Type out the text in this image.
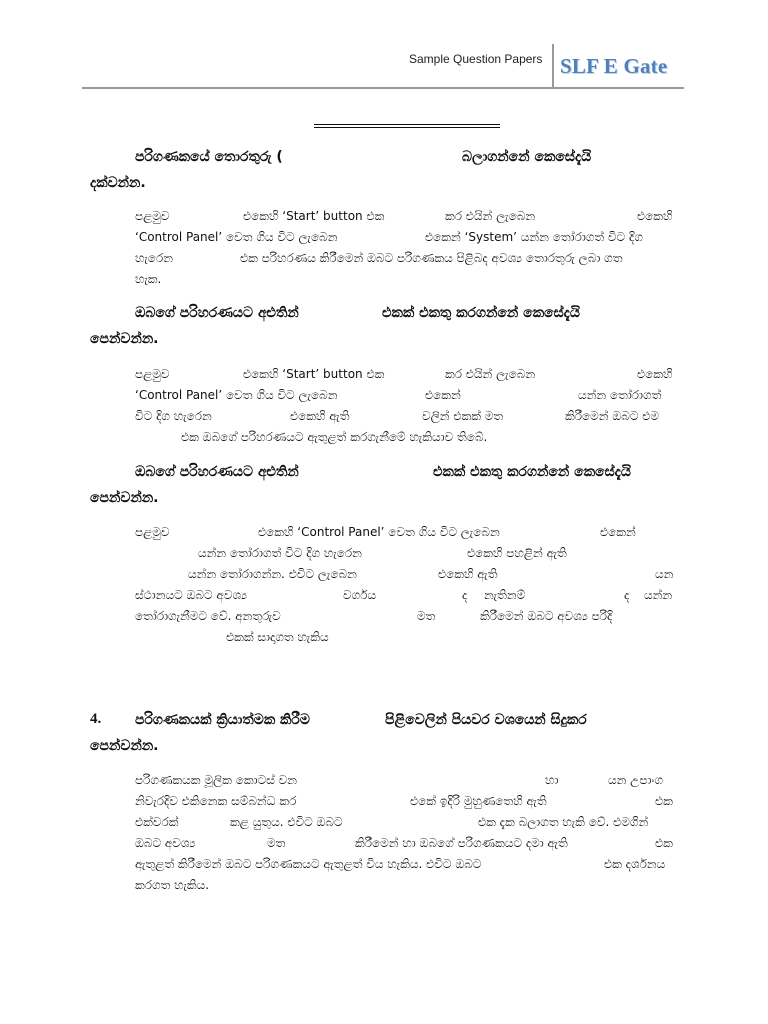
Sample Question Papers SLF E Gate
පරිගණකයේ තොරතුරු (	බලාගන්නේ කෙසේදැයි
දක්වන්න.
පළමුව	එකෙහි ‘Start’ button එක	කර එයින් ලැබෙන	එකෙහි
‘Control Panel’ වෙත ගිය විට ලැබෙන	එකෙන් ‘System’ යන්න තෝරාගත් විට දිග
හැරෙන	එක පරිහරණය කිරීමෙන් ඔබට පරිගණකය පිළිබද අවශ්‍ය තොරතුරු ලබා ගත
හැක.
ඔබගේ පරිහරණයට අළුතින්	එකක් එකතු කරගන්නේ කෙසේදැයි
පෙන්වන්න.
පළමුව	එකෙහි ‘Start’ button එක	කර එයින් ලැබෙන	එකෙහි
‘Control Panel’ වෙත ගිය විට ලැබෙන	එකෙන්	යන්න තෝරාගත්
විට දිග හැරෙන	එකෙහි ඇති	වලින් එකක් මත	කිරීමෙන් ඔබට එම
එක ඔබගේ පරිහරණයට ඇතුළත් කරගැනීමේ හැකියාව තිබේ.
ඔබගේ පරිහරණයට අළුතින්	එකක් එකතු කරගන්නේ කෙසේදැයි
පෙන්වන්න.
පළමුව	එකෙහි ‘Control Panel’ වෙත ගිය විට ලැබෙන	එකෙන්
යන්න තෝරාගත් විට දිග හැරෙන	එකෙහි පහළින් ඇති
යන්න තෝරාගන්න. එවිට ලැබෙන	එකෙහි ඇති	යන
ස්ථානයට ඔබට අවශ්‍ය	වර්ගය	ද නැතිනම්	ද යන්න
තෝරාගැනීමට වේ. අනතුරුව	මත	කිරීමෙන් ඔබට අවශ්‍ය පරිදි
එකක් සාදාගත හැකිය
4. පරිගණකයක් ක්‍රියාත්මක කිරීම	පිළිවෙලින් පියවර වශයෙන් සිදුකර
පෙන්වන්න.
පරිගණකයක මූලික කොටස් වන	හා	යන උපාංග
නිවැරදිව එකිනෙක සම්බන්ධ කර	එකේ ඉදිරි මුහුණතෙහි ඇති	එක
එක්වරක්	කළ යුතුය. එවිට ඔබට	එක දැක බලාගත හැකි වේ. එමගින්
ඔබට අවශ්‍ය	මත	කිරීමෙන් හා ඔබගේ පරිගණකයට දමා ඇති	එක
ඇතුළත් කිරීමෙන් ඔබට පරිගණකයට ඇතුළත් විය හැකිය. එවිට ඔබට	එක දර්ශනය
කරගත හැකිය.
